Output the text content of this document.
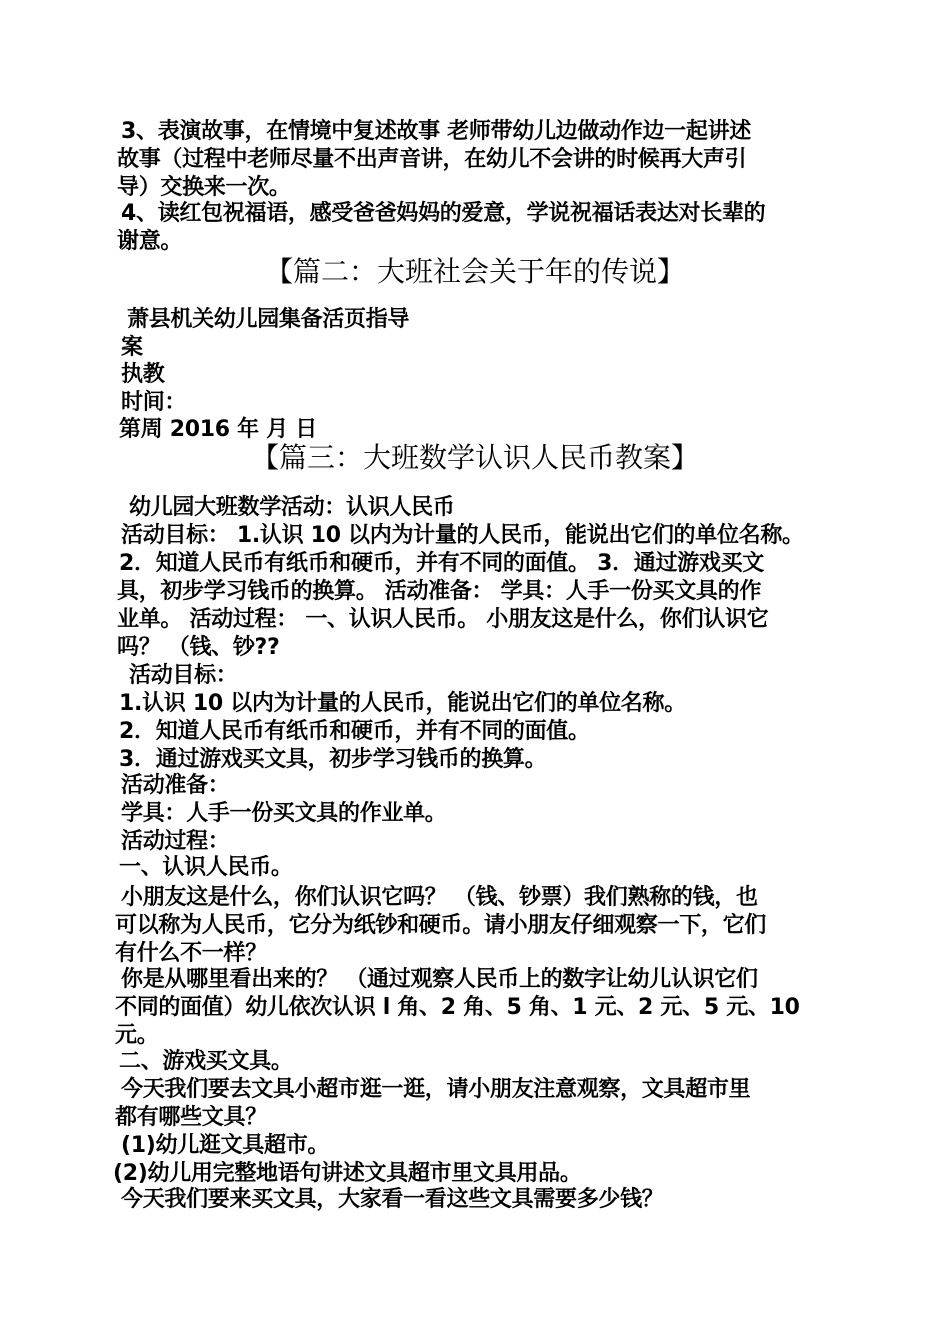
3、表演故事，在情境中复述故事 老师带幼儿边做动作边一起讲述
故事（过程中老师尽量不出声音讲，在幼儿不会讲的时候再大声引
导）交换来一次。
4、读红包祝福语，感受爸爸妈妈的爱意，学说祝福话表达对长辈的
谢意。
【篇二：大班社会关于年的传说】
萧县机关幼儿园集备活页指导
案
执教
时间：
第周 2016 年 月 日
【篇三：大班数学认识人民币教案】
幼儿园大班数学活动：认识人民币
活动目标： 1.认识 10 以内为计量的人民币，能说出它们的单位名称。
2．知道人民币有纸币和硬币，并有不同的面值。 3．通过游戏买文
具，初步学习钱币的换算。 活动准备： 学具：人手一份买文具的作
业单。 活动过程： 一、认识人民币。 小朋友这是什么，你们认识它
吗？ （钱、钞??
活动目标：
1.认识 10 以内为计量的人民币，能说出它们的单位名称。
2．知道人民币有纸币和硬币，并有不同的面值。
3．通过游戏买文具，初步学习钱币的换算。
活动准备：
学具：人手一份买文具的作业单。
活动过程：
一、认识人民币。
小朋友这是什么，你们认识它吗？ （钱、钞票）我们熟称的钱，也
可以称为人民币，它分为纸钞和硬币。请小朋友仔细观察一下，它们
有什么不一样？
你是从哪里看出来的？ （通过观察人民币上的数字让幼儿认识它们
不同的面值）幼儿依次认识 l 角、2 角、5 角、1 元、2 元、5 元、10
元。
二、游戏买文具。
今天我们要去文具小超市逛一逛，请小朋友注意观察，文具超市里
都有哪些文具？
(1)幼儿逛文具超市。
(2)幼儿用完整地语句讲述文具超市里文具用品。
今天我们要来买文具，大家看一看这些文具需要多少钱？
